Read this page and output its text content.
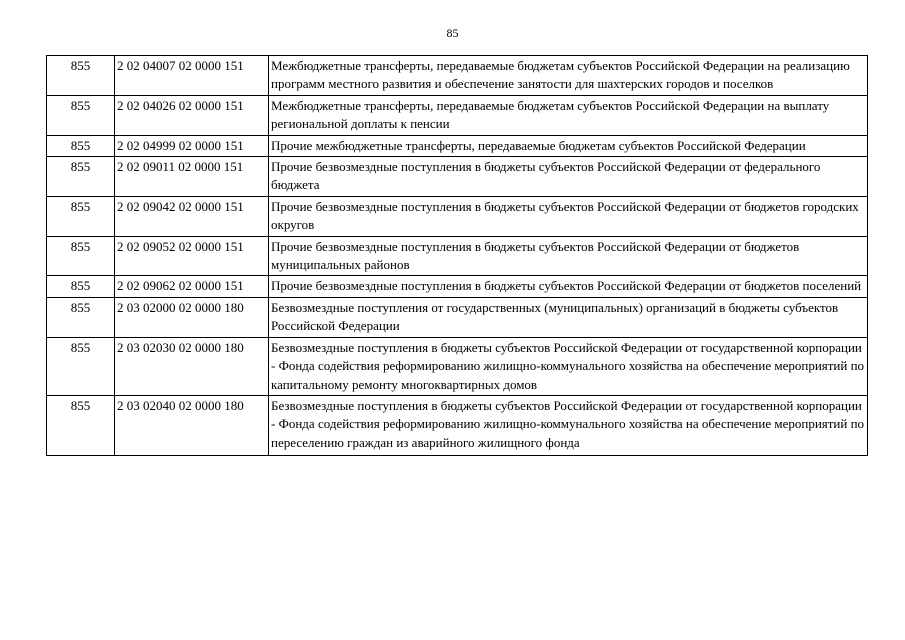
85
855	2 02 04007 02 0000 151	Межбюджетные трансферты, передаваемые бюджетам субъектов Российской Федерации на реализацию программ местного развития и обеспечение занятости для шахтерских городов и поселков
855	2 02 04026 02 0000 151	Межбюджетные трансферты, передаваемые бюджетам субъектов Российской Федерации на выплату региональной доплаты к пенсии
855	2 02 04999 02 0000 151	Прочие межбюджетные трансферты, передаваемые бюджетам субъектов Российской Федерации
855	2 02 09011 02 0000 151	Прочие безвозмездные поступления в бюджеты субъектов Российской Федерации от федерального бюджета
855	2 02 09042 02 0000 151	Прочие безвозмездные поступления в бюджеты субъектов Российской Федерации от бюджетов городских округов
855	2 02 09052 02 0000 151	Прочие безвозмездные поступления в бюджеты субъектов Российской Федерации от бюджетов муниципальных районов
855	2 02 09062 02 0000 151	Прочие безвозмездные поступления в бюджеты субъектов Российской Федерации от бюджетов поселений
855	2 03 02000 02 0000 180	Безвозмездные поступления от государственных (муниципальных) организаций в бюджеты субъектов Российской Федерации
855	2 03 02030 02 0000 180	Безвозмездные поступления в бюджеты субъектов Российской Федерации от государственной корпорации - Фонда содействия реформированию жилищно-коммунального хозяйства на обеспечение мероприятий по капитальному ремонту многоквартирных домов
855	2 03 02040 02 0000 180	Безвозмездные поступления в бюджеты субъектов Российской Федерации от государственной корпорации - Фонда содействия реформированию жилищно-коммунального хозяйства на обеспечение мероприятий по переселению граждан из аварийного жилищного фонда
